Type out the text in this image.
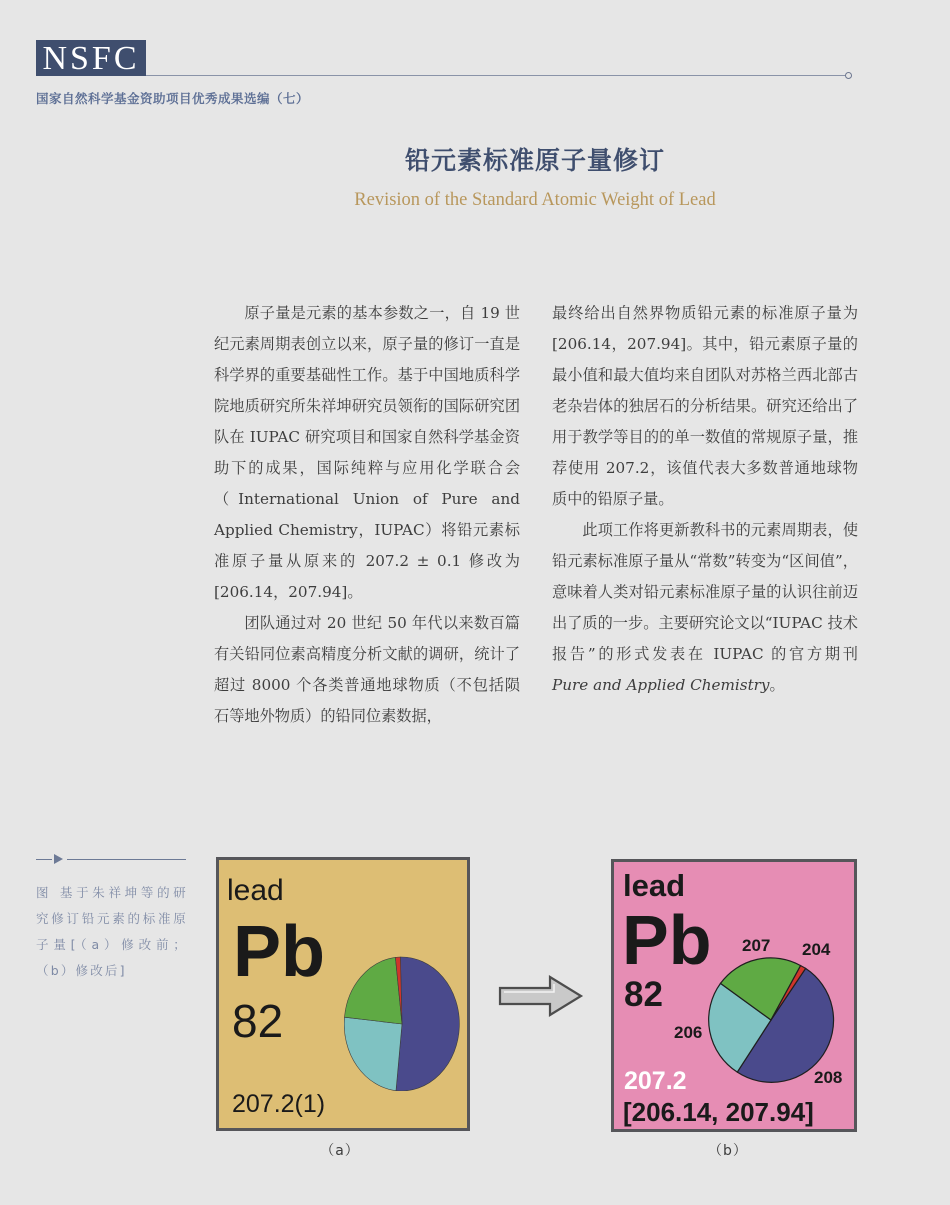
NSFC
国家自然科学基金资助项目优秀成果选编（七）
铅元素标准原子量修订
Revision of the Standard Atomic Weight of Lead

原子量是元素的基本参数之一，自 19 世纪元素周期表创立以来，原子量的修订一直是科学界的重要基础性工作。基于中国地质科学院地质研究所朱祥坤研究员领衔的国际研究团队在 IUPAC 研究项目和国家自然科学基金资助下的成果，国际纯粹与应用化学联合会（International Union of Pure and Applied Chemistry，IUPAC）将铅元素标准原子量从原来的 207.2 ± 0.1 修改为 [206.14，207.94]。

团队通过对 20 世纪 50 年代以来数百篇有关铅同位素高精度分析文献的调研，统计了超过 8000 个各类普通地球物质（不包括陨石等地外物质）的铅同位素数据，

最终给出自然界物质铅元素的标准原子量为 [206.14，207.94]。其中，铅元素原子量的最小值和最大值均来自团队对苏格兰西北部古老杂岩体的独居石的分析结果。研究还给出了用于教学等目的的单一数值的常规原子量，推荐使用 207.2，该值代表大多数普通地球物质中的铅原子量。

此项工作将更新教科书的元素周期表，使铅元素标准原子量从“常数”转变为“区间值”，意味着人类对铅元素标准原子量的认识往前迈出了质的一步。主要研究论文以“IUPAC 技术报告”的形式发表在 IUPAC 的官方期刊 Pure and Applied Chemistry。

图 基于朱祥坤等的研究修订铅元素的标准原子量[（a）修改前；（b）修改后]
lead
Pb
82
207.2(1)
lead
Pb
82
207.2
[206.14, 207.94]
207 204
206
208
（a）	（b）
